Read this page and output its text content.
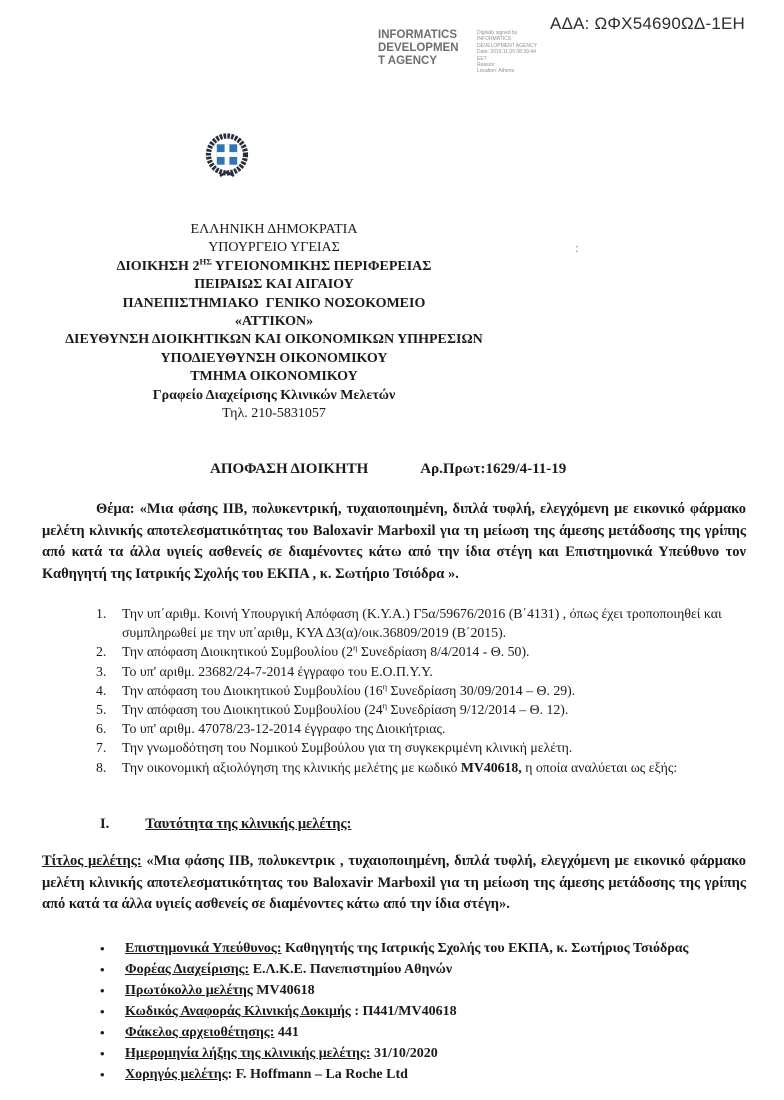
ΑΔΑ: ΩΦΧ54690ΩΔ-1ΕΗ
INFORMATICS
DEVELOPMEN
T AGENCY
Digitally signed by
INFORMATICS
DEVELOPMENT AGENCY
Date: 2019.11.05 08:39:44
EET
Reason:
Location: Athens
ΕΛΛΗΝΙΚΗ ΔΗΜΟΚΡΑΤΙΑ
ΥΠΟΥΡΓΕΙΟ ΥΓΕΙΑΣ
ΔΙΟΙΚΗΣΗ $2^{H\Sigma}$ ΥΓΕΙΟΝΟΜΙΚΗΣ ΠΕΡΙΦΕΡΕΙΑΣ
ΠΕΙΡΑΙΩΣ ΚΑΙ ΑΙΓΑΙΟΥ
ΠΑΝΕΠΙΣΤΗΜΙΑΚΟ  ΓΕΝΙΚΟ ΝΟΣΟΚΟΜΕΙΟ
«ΑΤΤΙΚΟΝ»
ΔΙΕΥΘΥΝΣΗ ΔΙΟΙΚΗΤΙΚΩΝ ΚΑΙ ΟΙΚΟΝΟΜΙΚΩΝ ΥΠΗΡΕΣΙΩΝ
ΥΠΟΔΙΕΥΘΥΝΣΗ ΟΙΚΟΝΟΜΙΚΟΥ
ΤΜΗΜΑ ΟΙΚΟΝΟΜΙΚΟΥ
Γραφείο Διαχείρισης Κλινικών Μελετών
Τηλ. 210-5831057
:
ΑΠΟΦΑΣΗ ΔΙΟΙΚΗΤΗ	Αρ.Πρωτ:1629/4-11-19
Θέμα: «Μια φάσης ΙΙΒ, πολυκεντρική, τυχαιοποιημένη, διπλά τυφλή, ελεγχόμενη με εικονικό φάρμακο μελέτη κλινικής αποτελεσματικότητας του Baloxavir Marboxil για τη μείωση της άμεσης μετάδοσης της γρίπης από κατά τα άλλα υγιείς ασθενείς σε διαμένοντες κάτω από την ίδια στέγη και Επιστημονικά Υπεύθυνο τον Καθηγητή της Ιατρικής Σχολής του ΕΚΠΑ , κ. Σωτήριο Τσιόδρα ».
1.	Την υπ΄αριθμ. Κοινή Υπουργική Απόφαση (Κ.Υ.Α.) Γ5α/59676/2016 (Β΄4131) , όπως έχει τροποποιηθεί και συμπληρωθεί με την υπ΄αριθμ, ΚΥΑ Δ3(α)/οικ.36809/2019 (Β΄2015).
2.	Την απόφαση Διοικητικού Συμβουλίου ($2^\eta$ Συνεδρίαση 8/4/2014 - Θ. 50).
3.	Το υπ' αριθμ. 23682/24-7-2014 έγγραφο του Ε.Ο.Π.Υ.Υ.
4.	Την απόφαση του Διοικητικού Συμβουλίου ($16^\eta$ Συνεδρίαση 30/09/2014 – Θ. 29).
5.	Την απόφαση του Διοικητικού Συμβουλίου ($24^\eta$ Συνεδρίαση 9/12/2014 – Θ. 12).
6.	Το υπ' αριθμ. 47078/23-12-2014 έγγραφο της Διοικήτριας.
7.	Την γνωμοδότηση του Νομικού Συμβούλου για τη συγκεκριμένη κλινική μελέτη.
8.	Την οικονομική αξιολόγηση της κλινικής μελέτης με κωδικό MV40618, η οποία αναλύεται ως εξής:
I. Ταυτότητα της κλινικής μελέτης:
Τίτλος μελέτης: «Μια φάσης ΙΙΒ, πολυκεντρικ , τυχαιοποιημένη, διπλά τυφλή, ελεγχόμενη με εικονικό φάρμακο μελέτη κλινικής αποτελεσματικότητας του Baloxavir Marboxil για τη μείωση της άμεσης μετάδοσης της γρίπης από κατά τα άλλα υγιείς ασθενείς σε διαμένοντες κάτω από την ίδια στέγη».
•	Επιστημονικά Υπεύθυνος: Καθηγητής της Ιατρικής Σχολής του ΕΚΠΑ, κ. Σωτήριος Τσιόδρας
•	Φορέας Διαχείρισης: Ε.Λ.Κ.Ε. Πανεπιστημίου Αθηνών
•	Πρωτόκολλο μελέτης MV40618
•	Κωδικός Αναφοράς Κλινικής Δοκιμής : Π441/MV40618
•	Φάκελος αρχειοθέτησης: 441
•	Ημερομηνία λήξης της κλινικής μελέτης: 31/10/2020
•	Χορηγός μελέτης: F. Hoffmann – La Roche Ltd
